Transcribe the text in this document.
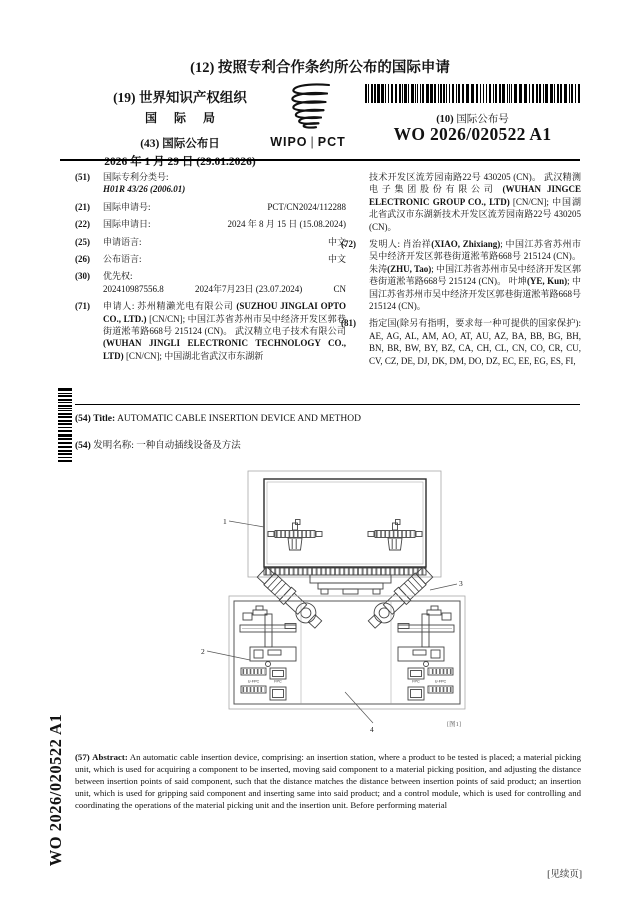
(12) 按照专利合作条约所公布的国际申请
(19) 世界知识产权组织
国 际 局
(43) 国际公布日
2026 年 1 月 29 日 (29.01.2026)
WIPO | PCT
(10) 国际公布号
WO 2026/020522 A1
(51) 国际专利分类号:
H01R 43/26 (2006.01)
(21) 国际申请号:	PCT/CN2024/112288
(22) 国际申请日:	2024 年 8 月 15 日 (15.08.2024)
(25) 申请语言:	中文
(26) 公布语言:	中文
(30) 优先权:
202410987556.8	2024年7月23日 (23.07.2024)	CN
(71) 申请人: 苏州精濑光电有限公司 (SUZHOU JINGLAI OPTO CO., LTD.) [CN/CN]; 中国江苏省苏州市吴中经济开发区郭巷街道淞苇路668号 215124 (CN)。 武汉精立电子技术有限公司(WUHAN JINGLI ELECTRONIC TECHNOLOGY CO., LTD) [CN/CN]; 中国湖北省武汉市东湖新
技术开发区流芳园南路22号 430205 (CN)。 武汉精测电子集团股份有限公司 (WUHAN JINGCE ELECTRONIC GROUP CO., LTD) [CN/CN]; 中国湖北省武汉市东湖新技术开发区流芳园南路22号 430205 (CN)。
(72) 发明人: 肖治祥(XIAO, Zhixiang); 中国江苏省苏州市吴中经济开发区郭巷街道淞苇路668号 215124 (CN)。 朱涛(ZHU, Tao); 中国江苏省苏州市吴中经济开发区郭巷街道淞苇路668号 215124 (CN)。 叶坤(YE, Kun); 中国江苏省苏州市吴中经济开发区郭巷街道淞苇路668号 215124 (CN)。
(81) 指定国(除另有指明，要求每一种可提供的国家保护): AE, AG, AL, AM, AO, AT, AU, AZ, BA, BB, BG, BH, BN, BR, BW, BY, BZ, CA, CH, CL, CN, CO, CR, CU, CV, CZ, DE, DJ, DK, DM, DO, DZ, EC, EE, EG, ES, FI,
(54) Title: AUTOMATIC CABLE INSERTION DEVICE AND METHOD
(54) 发明名称: 一种自动插线设备及方法
U-FPC	FPC	U-FPC
FPC
1
2
3
4
[图1]
(57) Abstract: An automatic cable insertion device, comprising: an insertion station, where a product to be tested is placed; a material picking unit, which is used for acquiring a component to be inserted, moving said component to a material picking position, and adjusting the distance between insertion points of said component, such that the distance matches the distance between insertion points of said product; an insertion unit, which is used for gripping said component and inserting same into said product; and a control module, which is used for controlling and coordinating the operations of the material picking unit and the insertion unit. Before performing material
WO 2026/020522 A1
[见续页]
